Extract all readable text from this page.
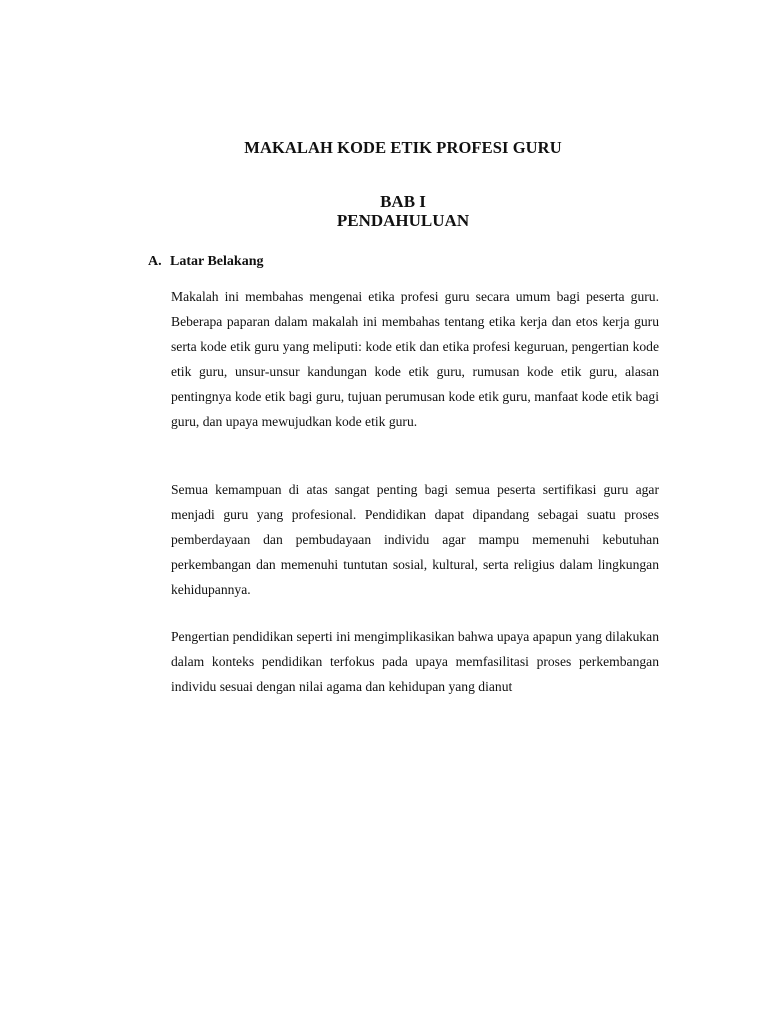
MAKALAH KODE ETIK PROFESI GURU
BAB I
PENDAHULUAN
A. Latar Belakang

Makalah ini membahas mengenai etika profesi guru secara umum bagi peserta guru. Beberapa paparan dalam makalah ini membahas tentang etika kerja dan etos kerja guru serta kode etik guru yang meliputi: kode etik dan etika profesi keguruan, pengertian kode etik guru, unsur-unsur kandungan kode etik guru, rumusan kode etik guru, alasan pentingnya kode etik bagi guru, tujuan perumusan kode etik guru, manfaat kode etik bagi guru, dan upaya mewujudkan kode etik guru.

Semua kemampuan di atas sangat penting bagi semua peserta sertifikasi guru agar menjadi guru yang profesional. Pendidikan dapat dipandang sebagai suatu proses pemberdayaan dan pembudayaan individu agar mampu memenuhi kebutuhan perkembangan dan memenuhi tuntutan sosial, kultural, serta religius dalam lingkungan kehidupannya.

Pengertian pendidikan seperti ini mengimplikasikan bahwa upaya apapun yang dilakukan dalam konteks pendidikan terfokus pada upaya memfasilitasi proses perkembangan individu sesuai dengan nilai agama dan kehidupan yang dianut
